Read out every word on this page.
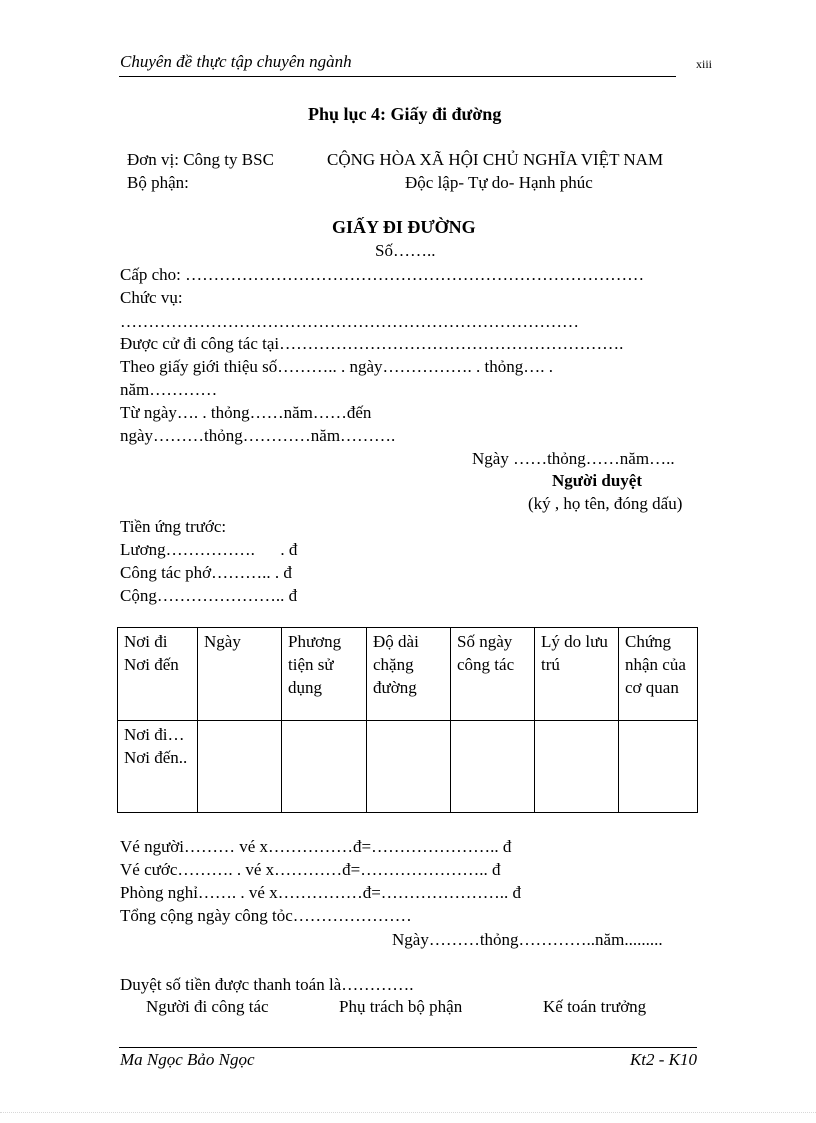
Chuyên đề thực tập chuyên ngành	xiii
Phụ lục 4: Giấy đi đường
Đơn vị: Công ty BSC
Bộ phận:
CỘNG HÒA XÃ HỘI CHỦ NGHĨA VIỆT NAM
Độc lập- Tự do- Hạnh phúc
GIẤY ĐI ĐƯỜNG
Số……..
Cấp cho: ………………………………………………………………………
Chức vụ:
………………………………………………………………………
Được cử đi công tác tại…………………………………………………….
Theo giấy giới thiệu số……….. . ngày……………. . thỏng…. .
năm…………
Từ ngày…. . thỏng……năm……đến
ngày………thỏng…………năm……….
Ngày ……thỏng……năm…..
Người duyệt
(ký , họ tên, đóng dấu)
Tiền ứng trước:
Lương…………….      . đ
Công tác phớ……….. . đ
Cộng………………….. đ
Nơi đi Nơi đến	Ngày	Phương tiện sử dụng	Độ dài chặng đường	Số ngày công tác	Lý do lưu trú	Chứng nhận của cơ quan
Nơi đi… Nơi đến..						
Vé người……… vé x……………đ=………………….. đ
Vé cước………. . vé x…………đ=………………….. đ
Phòng nghỉ……. . vé x……………đ=………………….. đ
Tổng cộng ngày công tỏc…………………
Ngày………thỏng…………..năm.........
Duyệt số tiền được thanh toán là………….
Người đi công tác	Phụ trách bộ phận	Kế toán trưởng
Ma Ngọc Bảo Ngọc	Kt2 - K10
